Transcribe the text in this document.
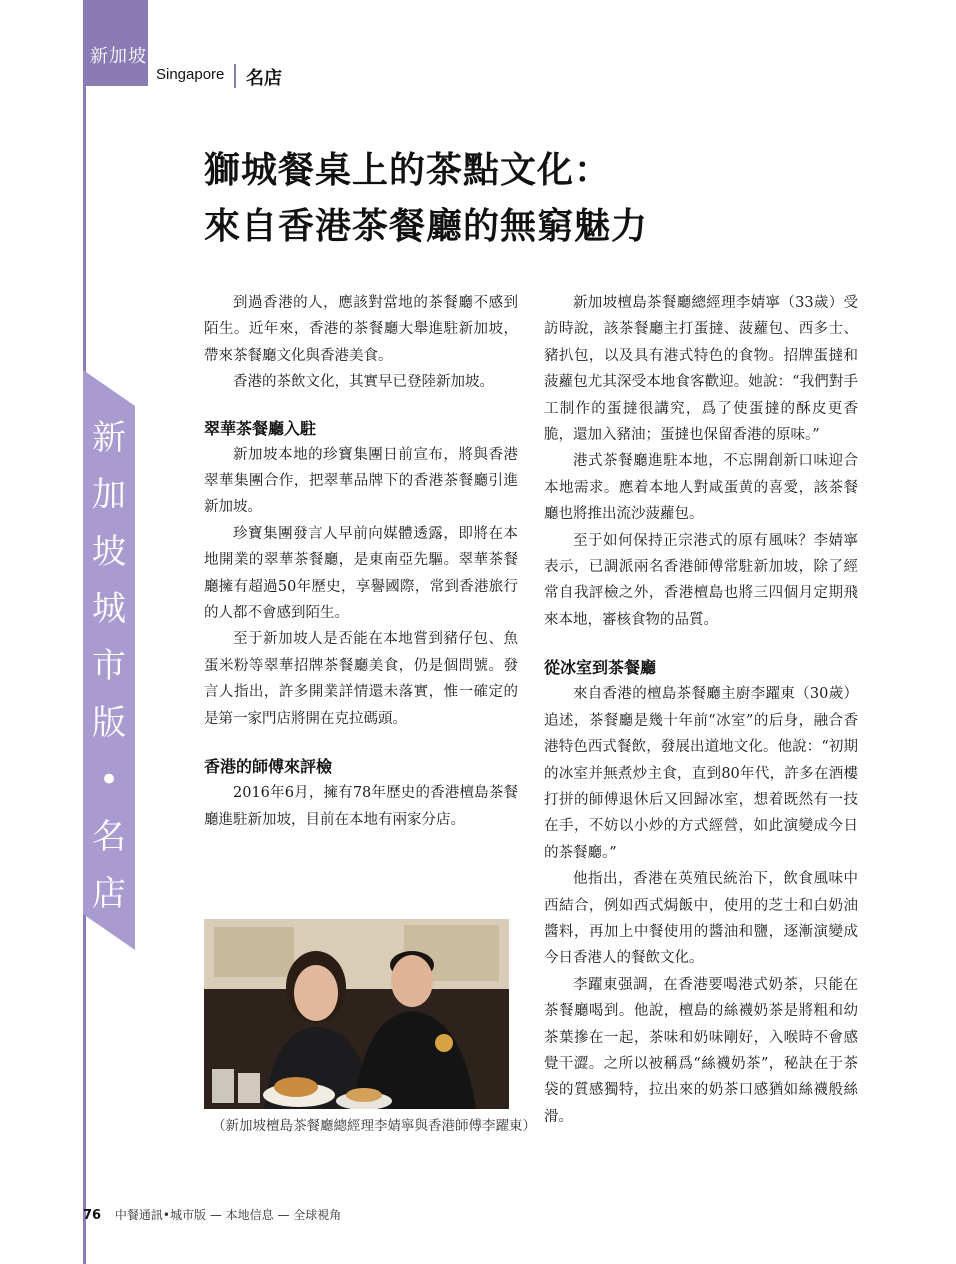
新加坡
Singapore 名店
獅城餐桌上的茶點文化：
來自香港茶餐廳的無窮魅力
新
加
坡
城
市
版
•
名
店

到過香港的人，應該對當地的茶餐廳不感到陌生。近年來，香港的茶餐廳大舉進駐新加坡，帶來茶餐廳文化與香港美食。

香港的茶飲文化，其實早已登陸新加坡。

翠華茶餐廳入駐

新加坡本地的珍寶集團日前宣布，將與香港翠華集團合作，把翠華品牌下的香港茶餐廳引進新加坡。

珍寶集團發言人早前向媒體透露，即將在本地開業的翠華茶餐廳，是東南亞先驅。翠華茶餐廳擁有超過50年歷史，享譽國際，常到香港旅行的人都不會感到陌生。

至于新加坡人是否能在本地嘗到豬仔包、魚蛋米粉等翠華招牌茶餐廳美食，仍是個問號。發言人指出，許多開業詳情還未落實，惟一確定的是第一家門店將開在克拉碼頭。

香港的師傅來評檢

2016年6月，擁有78年歷史的香港檀島茶餐廳進駐新加坡，目前在本地有兩家分店。

（新加坡檀島茶餐廳總經理李婧寧與香港師傅李躍東）

新加坡檀島茶餐廳總經理李婧寧（33歲）受訪時說，該茶餐廳主打蛋撻、菠蘿包、西多士、豬扒包，以及具有港式特色的食物。招牌蛋撻和菠蘿包尤其深受本地食客歡迎。她說：“我們對手工制作的蛋撻很講究，爲了使蛋撻的酥皮更香脆，還加入豬油；蛋撻也保留香港的原味。”

港式茶餐廳進駐本地，不忘開創新口味迎合本地需求。應着本地人對咸蛋黄的喜愛，該茶餐廳也將推出流沙菠蘿包。

至于如何保持正宗港式的原有風味？李婧寧表示，已調派兩名香港師傅常駐新加坡，除了經常自我評檢之外，香港檀島也將三四個月定期飛來本地，審核食物的品質。

從冰室到茶餐廳

來自香港的檀島茶餐廳主廚李躍東（30歲）追述，茶餐廳是幾十年前“冰室”的后身，融合香港特色西式餐飲，發展出道地文化。他說：“初期的冰室并無煮炒主食，直到80年代，許多在酒樓打拼的師傅退休后又回歸冰室，想着既然有一技在手，不妨以小炒的方式經營，如此演變成今日的茶餐廳。”

他指出，香港在英殖民統治下，飲食風味中西結合，例如西式焗飯中，使用的芝士和白奶油醬料，再加上中餐使用的醬油和鹽，逐漸演變成今日香港人的餐飲文化。

李躍東强調，在香港要喝港式奶茶，只能在茶餐廳喝到。他說，檀島的絲襪奶茶是將粗和幼茶葉摻在一起，茶味和奶味剛好，入喉時不會感覺干澀。之所以被稱爲“絲襪奶茶”，秘訣在于茶袋的質感獨特，拉出來的奶茶口感猶如絲襪般絲滑。

76 中餐通訊•城市版 — 本地信息 — 全球視角
